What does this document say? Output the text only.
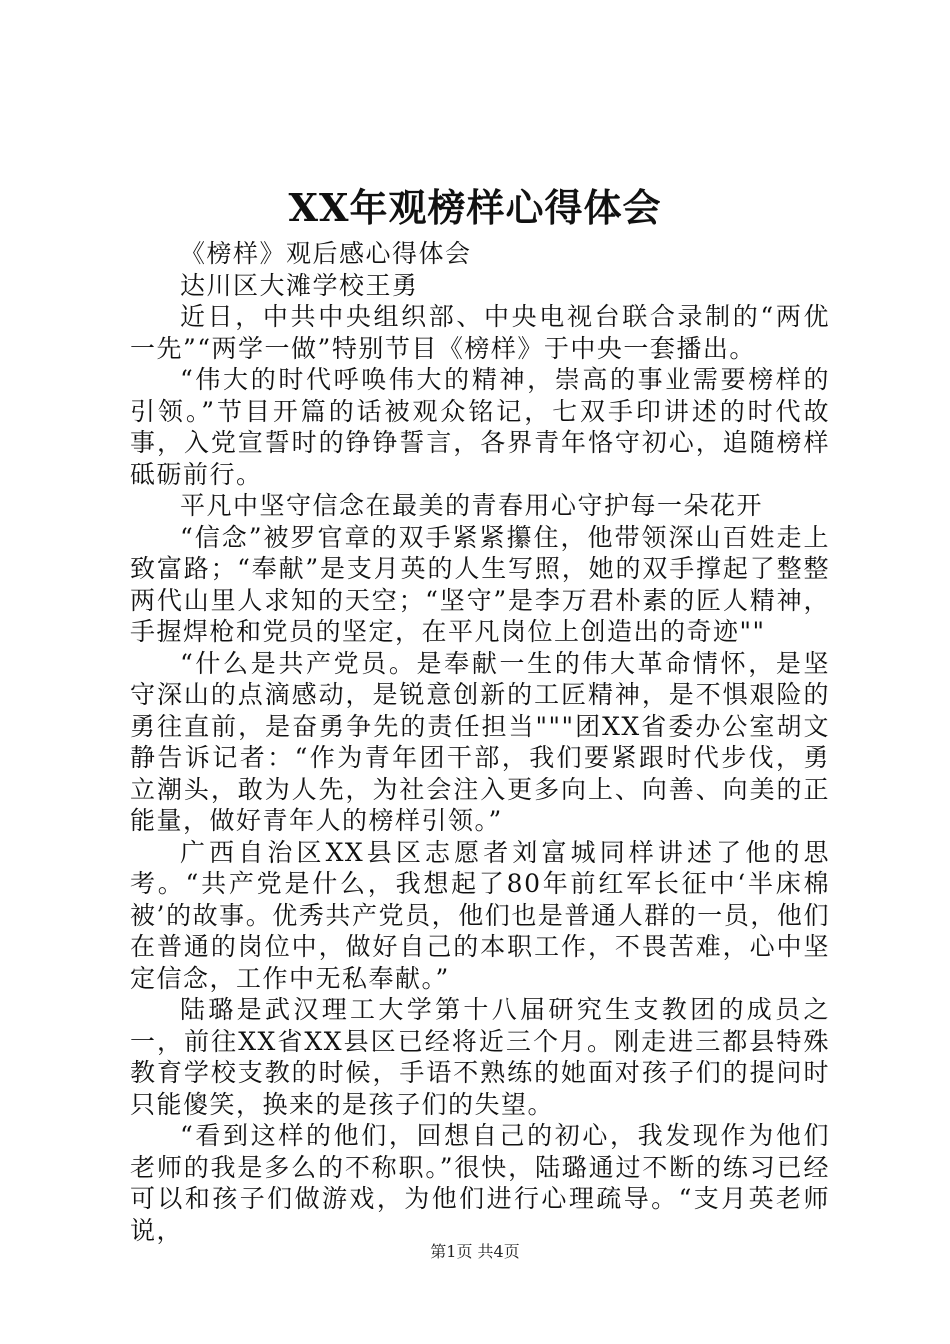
XX年观榜样心得体会

《榜样》观后感心得体会

达川区大滩学校王勇

近日，中共中央组织部、中央电视台联合录制的“两优一先”“两学一做”特别节目《榜样》于中央一套播出。

“伟大的时代呼唤伟大的精神，崇高的事业需要榜样的引领。”节目开篇的话被观众铭记，七双手印讲述的时代故事，入党宣誓时的铮铮誓言，各界青年恪守初心，追随榜样砥砺前行。

平凡中坚守信念在最美的青春用心守护每一朵花开

“信念”被罗官章的双手紧紧攥住，他带领深山百姓走上致富路；“奉献”是支月英的人生写照，她的双手撑起了整整两代山里人求知的天空；“坚守”是李万君朴素的匠人精神，手握焊枪和党员的坚定，在平凡岗位上创造出的奇迹""

“什么是共产党员。是奉献一生的伟大革命情怀，是坚守深山的点滴感动，是锐意创新的工匠精神，是不惧艰险的勇往直前，是奋勇争先的责任担当"""团XX省委办公室胡文静告诉记者：“作为青年团干部，我们要紧跟时代步伐，勇立潮头，敢为人先，为社会注入更多向上、向善、向美的正能量，做好青年人的榜样引领。”

广西自治区XX县区志愿者刘富城同样讲述了他的思考。“共产党是什么，我想起了80年前红军长征中‘半床棉被’的故事。优秀共产党员，他们也是普通人群的一员，他们在普通的岗位中，做好自己的本职工作，不畏苦难，心中坚定信念，工作中无私奉献。”

陆璐是武汉理工大学第十八届研究生支教团的成员之一，前往XX省XX县区已经将近三个月。刚走进三都县特殊教育学校支教的时候，手语不熟练的她面对孩子们的提问时只能傻笑，换来的是孩子们的失望。

“看到这样的他们，回想自己的初心，我发现作为他们老师的我是多么的不称职。”很快，陆璐通过不断的练习已经可以和孩子们做游戏，为他们进行心理疏导。“支月英老师说，

第1页 共4页
